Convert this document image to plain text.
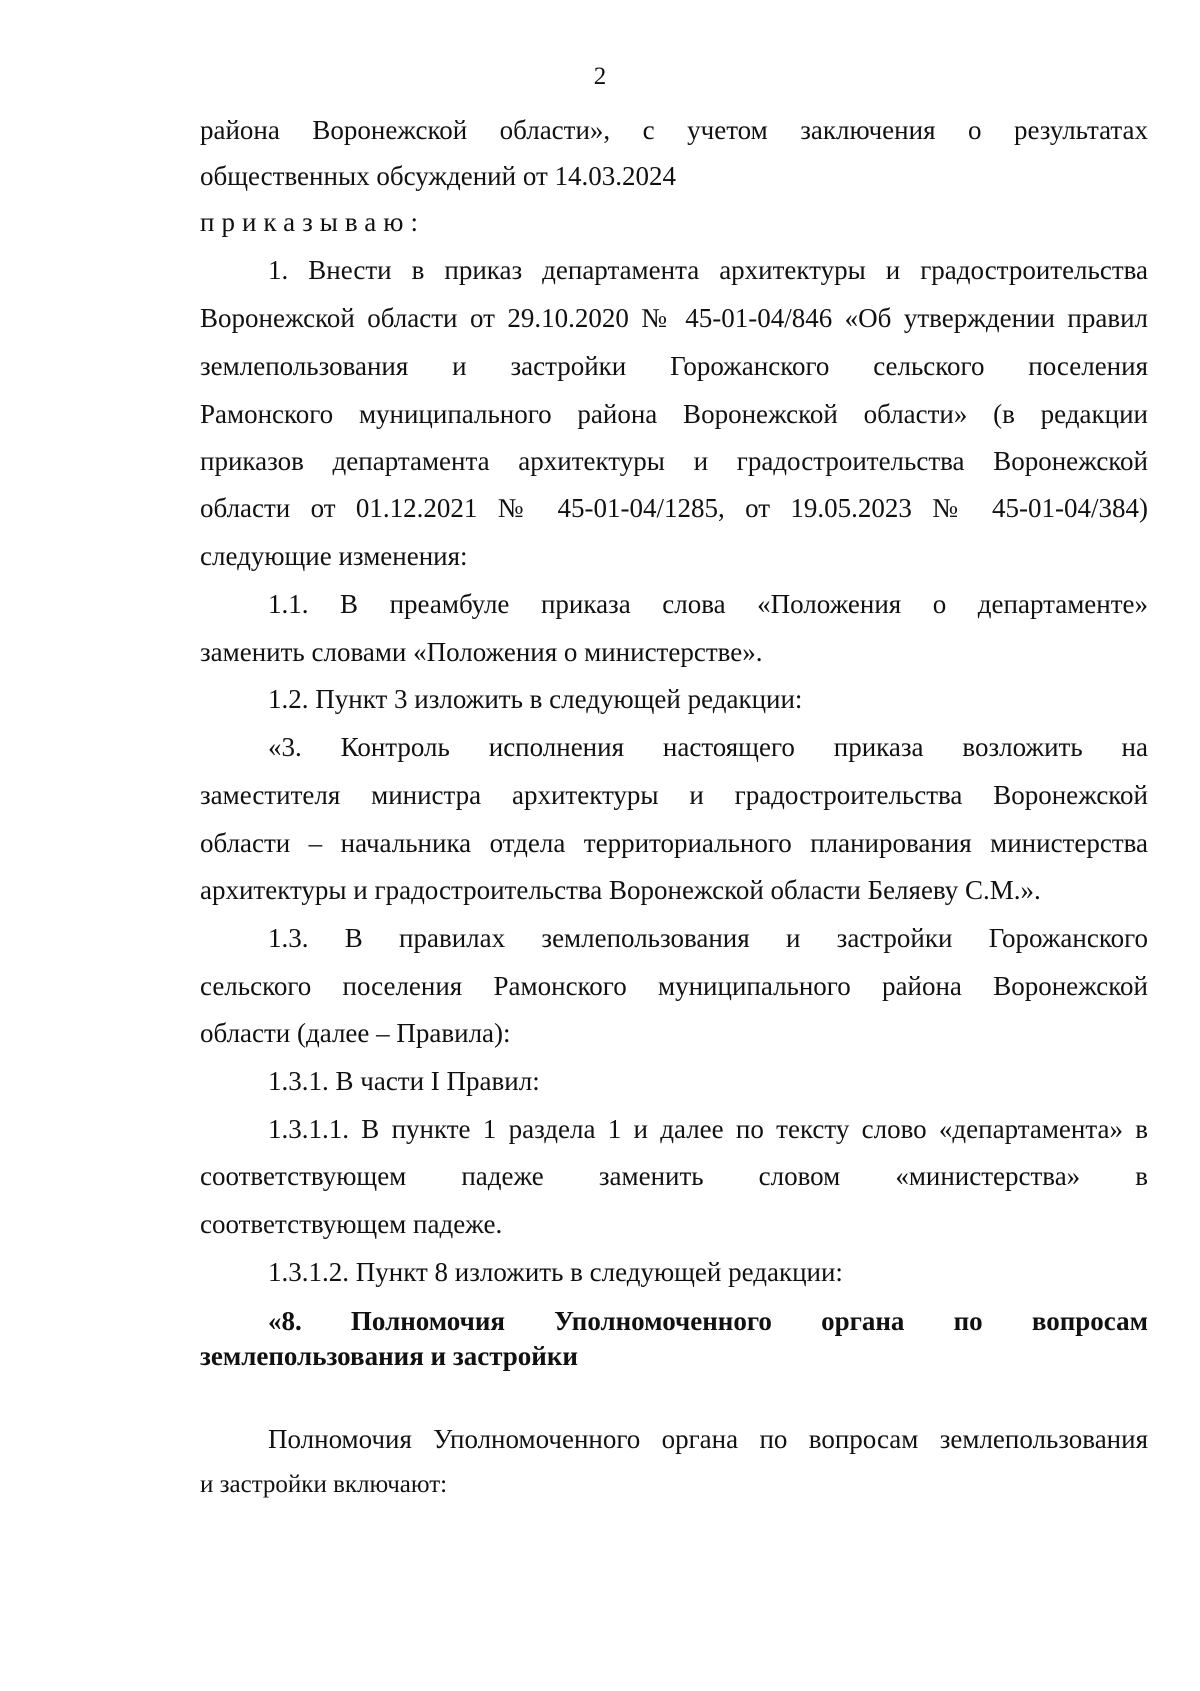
2
района Воронежской области», с учетом заключения о результатах
общественных обсуждений от 14.03.2024
приказываю:
1. Внести в приказ департамента архитектуры и градостроительства
Воронежской области от 29.10.2020 № 45-01-04/846 «Об утверждении правил
землепользования и застройки Горожанского сельского поселения
Рамонского муниципального района Воронежской области» (в редакции
приказов департамента архитектуры и градостроительства Воронежской
области от 01.12.2021 № 45-01-04/1285, от 19.05.2023 № 45-01-04/384)
следующие изменения:
1.1. В преамбуле приказа слова «Положения о департаменте»
заменить словами «Положения о министерстве».
1.2. Пункт 3 изложить в следующей редакции:
«3. Контроль исполнения настоящего приказа возложить на
заместителя министра архитектуры и градостроительства Воронежской
области – начальника отдела территориального планирования министерства
архитектуры и градостроительства Воронежской области Беляеву С.М.».
1.3. В правилах землепользования и застройки Горожанского
сельского поселения Рамонского муниципального района Воронежской
области (далее – Правила):
1.3.1. В части I Правил:
1.3.1.1. В пункте 1 раздела 1 и далее по тексту слово «департамента» в
соответствующем падеже заменить словом «министерства» в
соответствующем падеже.
1.3.1.2. Пункт 8 изложить в следующей редакции:
«8. Полномочия Уполномоченного органа по вопросам
землепользования и застройки
Полномочия Уполномоченного органа по вопросам землепользования
и застройки включают:
